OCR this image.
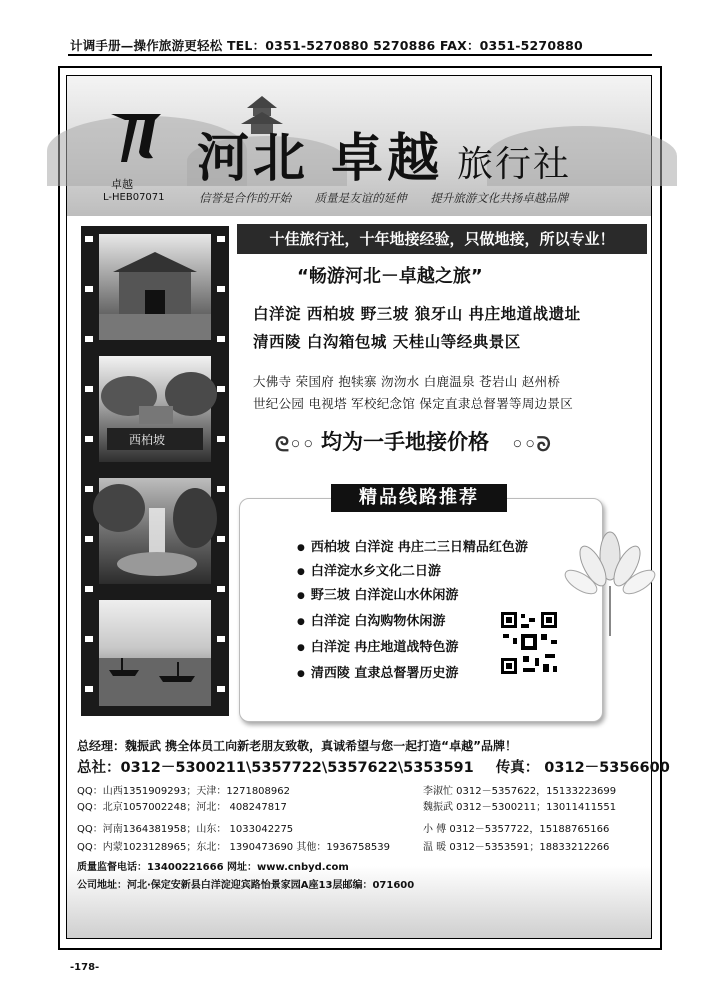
计调手册—操作旅游更轻松 TEL：0351-5270880 5270886 FAX：0351-5270880
卓越
L-HEB07071
河北 卓越 旅行社
信誉是合作的开始 质量是友谊的延伸 提升旅游文化共扬卓越品牌
西柏坡
十佳旅行社，十年地接经验，只做地接，所以专业！
“畅游河北－卓越之旅”
白洋淀 西柏坡 野三坡 狼牙山 冉庄地道战遗址
清西陵 白沟箱包城 天桂山等经典景区
大佛寺 荣国府 抱犊寨 沕沕水 白鹿温泉 苍岩山 赵州桥
世纪公园 电视塔 军校纪念馆 保定直隶总督署等周边景区
ᘓ◦◦ 均为一手地接价格 ◦◦ᘐ
精品线路推荐
● 西柏坡 白洋淀 冉庄二三日精品红色游
● 白洋淀水乡文化二日游
● 野三坡 白洋淀山水休闲游
● 白洋淀 白沟购物休闲游
● 白洋淀 冉庄地道战特色游
● 清西陵 直隶总督署历史游
总经理：魏振武 携全体员工向新老朋友致敬，真诚希望与您一起打造“卓越”品牌！
总社：0312－5300211\5357722\5357622\5353591 传真： 0312－5356600
QQ：山西1351909293；天津：1271808962
QQ：北京1057002248；河北： 408247817
QQ：河南1364381958；山东： 1033042275
QQ：内蒙1023128965；东北： 1390473690 其他：1936758539
李淑忙 0312－5357622，15133223699
魏振武 0312－5300211；13011411551
小 傅 0312－5357722，15188765166
温 暖 0312－5353591；18833212266
质量监督电话：13400221666 网址：www.cnbyd.com
公司地址：河北·保定安新县白洋淀迎宾路怡景家园A座13层邮编：071600
-178-
